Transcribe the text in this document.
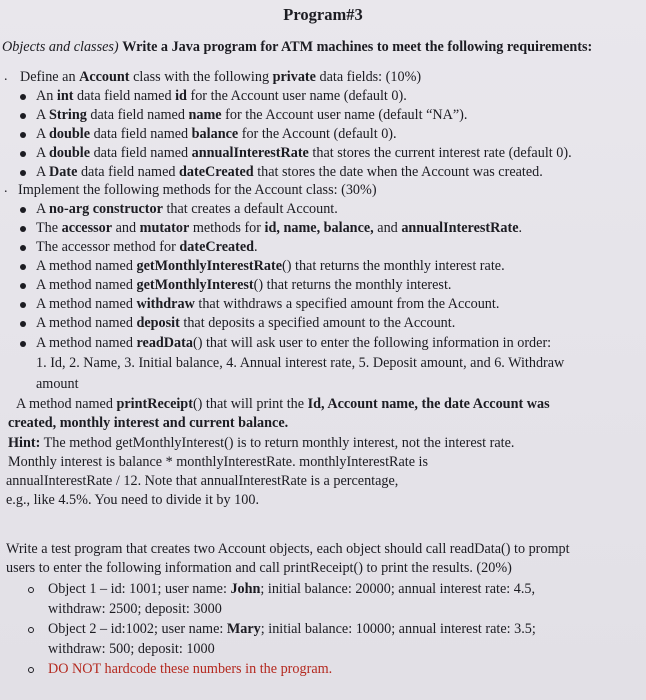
Program#3
Objects and classes) Write a Java program for ATM machines to meet the following requirements:
. Define an Account class with the following private data fields: (10%)
An int data field named id for the Account user name (default 0).
A String data field named name for the Account user name (default “NA”).
A double data field named balance for the Account (default 0).
A double data field named annualInterestRate that stores the current interest rate (default 0).
A Date data field named dateCreated that stores the date when the Account was created.
. Implement the following methods for the Account class: (30%)
A no-arg constructor that creates a default Account.
The accessor and mutator methods for id, name, balance, and annualInterestRate.
The accessor method for dateCreated.
A method named getMonthlyInterestRate() that returns the monthly interest rate.
A method named getMonthlyInterest() that returns the monthly interest.
A method named withdraw that withdraws a specified amount from the Account.
A method named deposit that deposits a specified amount to the Account.
A method named readData() that will ask user to enter the following information in order:
1. Id, 2. Name, 3. Initial balance, 4. Annual interest rate, 5. Deposit amount, and 6. Withdraw
amount
A method named printReceipt() that will print the Id, Account name, the date Account was
created, monthly interest and current balance.
Hint: The method getMonthlyInterest() is to return monthly interest, not the interest rate.
Monthly interest is balance * monthlyInterestRate. monthlyInterestRate is
annualInterestRate / 12. Note that annualInterestRate is a percentage,
e.g., like 4.5%. You need to divide it by 100.
Write a test program that creates two Account objects, each object should call readData() to prompt
users to enter the following information and call printReceipt() to print the results. (20%)
Object 1 – id: 1001; user name: John; initial balance: 20000; annual interest rate: 4.5,
withdraw: 2500; deposit: 3000
Object 2 – id:1002; user name: Mary; initial balance: 10000; annual interest rate: 3.5;
withdraw: 500; deposit: 1000
DO NOT hardcode these numbers in the program.
